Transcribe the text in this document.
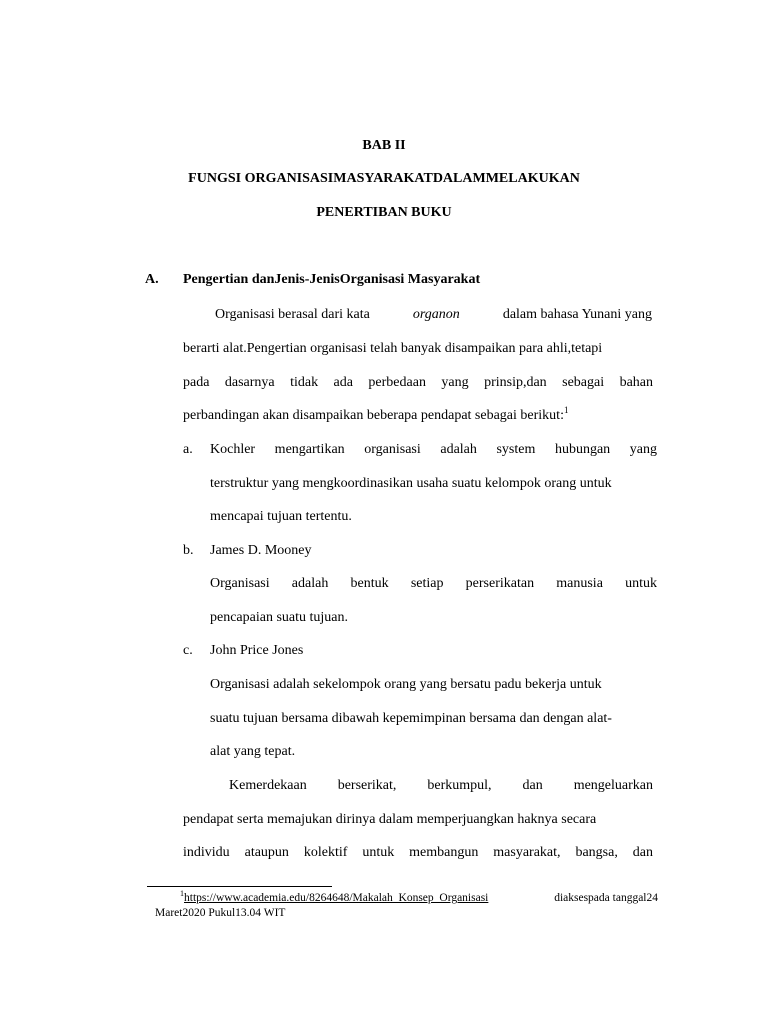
BAB II
FUNGSI ORGANISASIMASYARAKATDALAMMELAKUKAN
PENERTIBAN BUKU
A. Pengertian danJenis-JenisOrganisasi Masyarakat
Organisasi berasal dari kata	organon	dalam bahasa Yunani yang
berarti alat.Pengertian organisasi telah banyak disampaikan para ahli,tetapi
pada dasarnya tidak ada perbedaan yang prinsip,dan sebagai bahan
perbandingan akan disampaikan beberapa pendapat sebagai berikut:$^1$
a. Kochler mengartikan organisasi adalah system hubungan yang
terstruktur yang mengkoordinasikan usaha suatu kelompok orang untuk
mencapai tujuan tertentu.
b. James D. Mooney
Organisasi adalah bentuk setiap perserikatan manusia untuk
pencapaian suatu tujuan.
c. John Price Jones
Organisasi adalah sekelompok orang yang bersatu padu bekerja untuk
suatu tujuan bersama dibawah kepemimpinan bersama dan dengan alat-
alat yang tepat.
Kemerdekaan berserikat, berkumpul, dan mengeluarkan
pendapat serta memajukan dirinya dalam memperjuangkan haknya secara
individu ataupun kolektif untuk membangun masyarakat, bangsa, dan
$^1$https://www.academia.edu/8264648/Makalah_Konsep_Organisasi	diaksespada tanggal24
Maret2020 Pukul13.04 WIT
